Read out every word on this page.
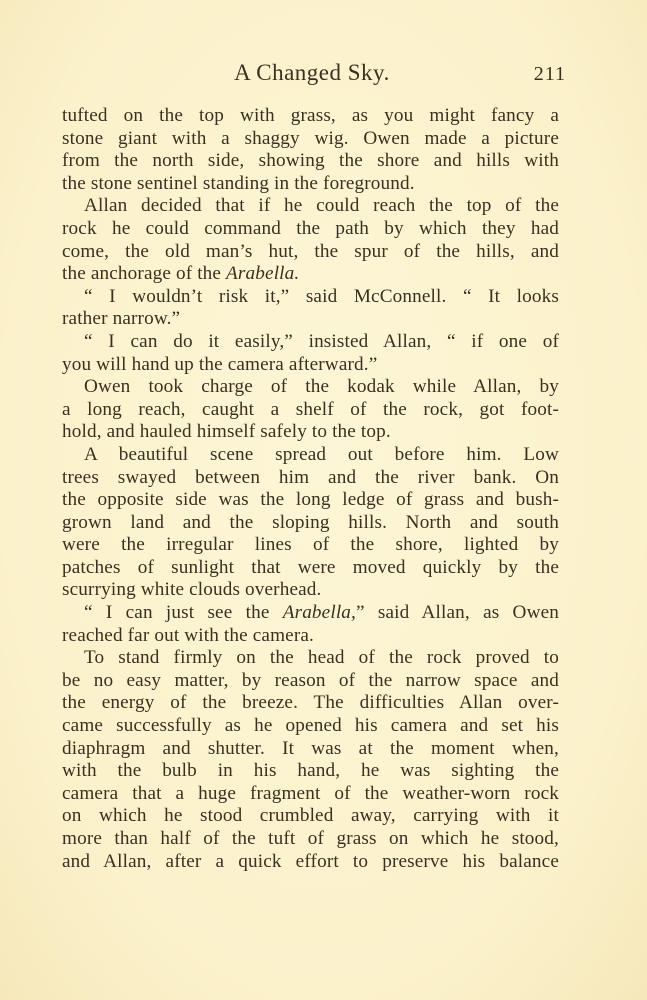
A Changed Sky.	211
tufted on the top with grass, as you might fancy a
stone giant with a shaggy wig. Owen made a picture
from the north side, showing the shore and hills with
the stone sentinel standing in the foreground.
Allan decided that if he could reach the top of the
rock he could command the path by which they had
come, the old man’s hut, the spur of the hills, and
the anchorage of the Arabella.
“ I wouldn’t risk it,” said McConnell. “ It looks
rather narrow.”
“ I can do it easily,” insisted Allan, “ if one of
you will hand up the camera afterward.”
Owen took charge of the kodak while Allan, by
a long reach, caught a shelf of the rock, got foot-
hold, and hauled himself safely to the top.
A beautiful scene spread out before him. Low
trees swayed between him and the river bank. On
the opposite side was the long ledge of grass and bush-
grown land and the sloping hills. North and south
were the irregular lines of the shore, lighted by
patches of sunlight that were moved quickly by the
scurrying white clouds overhead.
“ I can just see the Arabella,” said Allan, as Owen
reached far out with the camera.
To stand firmly on the head of the rock proved to
be no easy matter, by reason of the narrow space and
the energy of the breeze. The difficulties Allan over-
came successfully as he opened his camera and set his
diaphragm and shutter. It was at the moment when,
with the bulb in his hand, he was sighting the
camera that a huge fragment of the weather-worn rock
on which he stood crumbled away, carrying with it
more than half of the tuft of grass on which he stood,
and Allan, after a quick effort to preserve his balance
